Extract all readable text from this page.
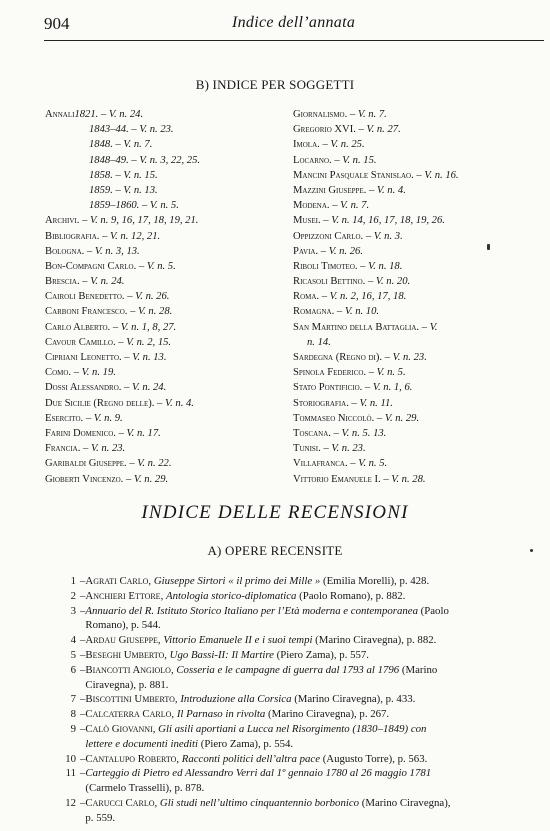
904	Indice dell’annata
B) INDICE PER SOGGETTI
Annali1821. – V. n. 24.
1843–44. – V. n. 23.
1848. – V. n. 7.
1848–49. – V. n. 3, 22, 25.
1858. – V. n. 15.
1859. – V. n. 13.
1859–1860. – V. n. 5.
Archivi. – V. n. 9, 16, 17, 18, 19, 21.
Bibliografia. – V. n. 12, 21.
Bologna. – V. n. 3, 13.
Bon-Compagni Carlo. – V. n. 5.
Brescia. – V. n. 24.
Cairoli Benedetto. – V. n. 26.
Carboni Francesco. – V. n. 28.
Carlo Alberto. – V. n. 1, 8, 27.
Cavour Camillo. – V. n. 2, 15.
Cipriani Leonetto. – V. n. 13.
Como. – V. n. 19.
Dossi Alessandro. – V. n. 24.
Due Sicilie (Regno delle). – V. n. 4.
Esercito. – V. n. 9.
Farini Domenico. – V. n. 17.
Francia. – V. n. 23.
Garibaldi Giuseppe. – V. n. 22.
Gioberti Vincenzo. – V. n. 29.
Giornalismo. – V. n. 7.
Gregorio XVI. – V. n. 27.
Imola. – V. n. 25.
Locarno. – V. n. 15.
Mancini Pasquale Stanislao. – V. n. 16.
Mazzini Giuseppe. – V. n. 4.
Modena. – V. n. 7.
Musei. – V. n. 14, 16, 17, 18, 19, 26.
Oppizzoni Carlo. – V. n. 3.
Pavia. – V. n. 26.
Riboli Timoteo. – V. n. 18.
Ricasoli Bettino. – V. n. 20.
Roma. – V. n. 2, 16, 17, 18.
Romagna. – V. n. 10.
San Martino della Battaglia. – V.
n. 14.
Sardegna (Regno di). – V. n. 23.
Spinola Federico. – V. n. 5.
Stato Pontificio. – V. n. 1, 6.
Storiografia. – V. n. 11.
Tommaseo Niccolò. – V. n. 29.
Toscana. – V. n. 5. 13.
Tunisi. – V. n. 23.
Villafranca. – V. n. 5.
Vittorio Emanuele I. – V. n. 28.
INDICE DELLE RECENSIONI
A) OPERE RECENSITE
1 – Agrati Carlo, Giuseppe Sirtori « il primo dei Mille » (Emilia Morelli), p. 428.
2 – Anchieri Ettore, Antologia storico-diplomatica (Paolo Romano), p. 882.
3 – Annuario del R. Istituto Storico Italiano per l’Età moderna e contemporanea (Paolo
Romano), p. 544.
4 – Ardau Giuseppe, Vittorio Emanuele II e i suoi tempi (Marino Ciravegna), p. 882.
5 – Beseghi Umberto, Ugo Bassi-II: Il Martire (Piero Zama), p. 557.
6 – Biancotti Angiolo, Cosseria e le campagne di guerra dal 1793 al 1796 (Marino
Ciravegna), p. 881.
7 – Biscottini Umberto, Introduzione alla Corsica (Marino Ciravegna), p. 433.
8 – Calcaterra Carlo, Il Parnaso in rivolta (Marino Ciravegna), p. 267.
9 – Calò Giovanni, Gli asili aportiani a Lucca nel Risorgimento (1830–1849) con
lettere e documenti inediti (Piero Zama), p. 554.
10 – Cantalupo Roberto, Racconti politici dell’altra pace (Augusto Torre), p. 563.
11 – Carteggio di Pietro ed Alessandro Verri dal 1º gennaio 1780 al 26 maggio 1781
(Carmelo Trasselli), p. 878.
12 – Carucci Carlo, Gli studi nell’ultimo cinquantennio borbonico (Marino Ciravegna),
p. 559.
